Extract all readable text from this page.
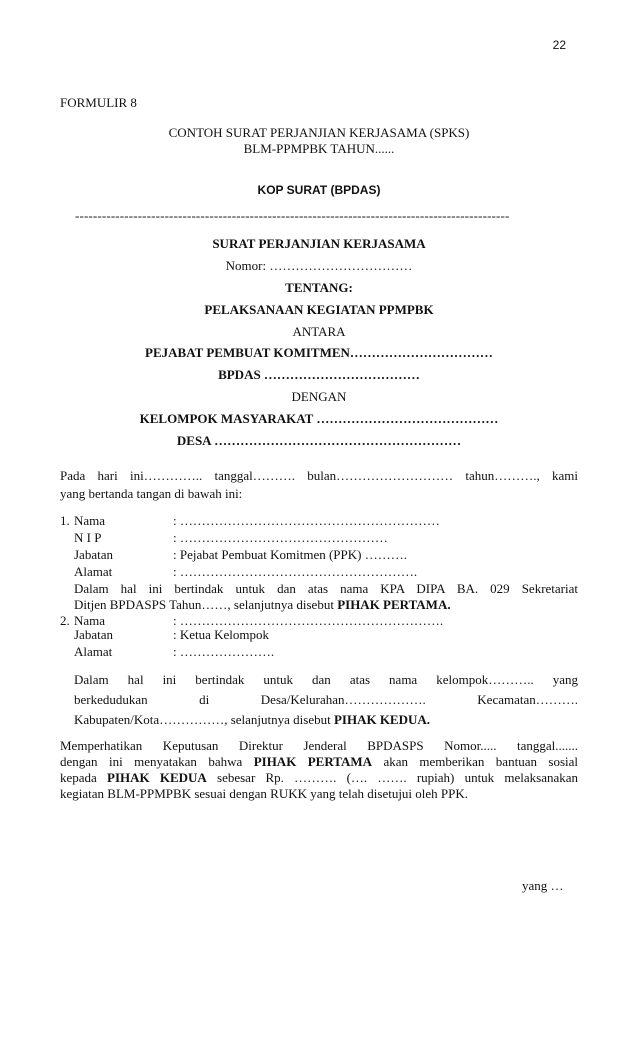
22
FORMULIR 8
CONTOH SURAT PERJANJIAN KERJASAMA (SPKS)
BLM-PPMPBK TAHUN......
KOP SURAT (BPDAS)
-------------------------------------------------------------------------------------------------
SURAT PERJANJIAN KERJASAMA
Nomor: ……………………………
TENTANG:
PELAKSANAAN KEGIATAN PPMPBK
ANTARA
PEJABAT PEMBUAT KOMITMEN……………………………
BPDAS ………………………………
DENGAN
KELOMPOK MASYARAKAT ……………………………………
DESA …………………………………………………
Pada hari ini………….. tanggal………. bulan……………………… tahun………., kami
yang bertanda tangan di bawah ini:
1. Nama	: ……………………………………………………
N I P	: …………………………………………
Jabatan	: Pejabat Pembuat Komitmen (PPK) ……….
Alamat	: ……………………………………………….
Dalam hal ini bertindak untuk dan atas nama KPA DIPA BA. 029 Sekretariat
Ditjen BPDASPS Tahun……, selanjutnya disebut PIHAK PERTAMA.
2. Nama	: …………………………………………………….
Jabatan	: Ketua Kelompok
Alamat	: ………………….
Dalam hal ini bertindak untuk dan atas nama kelompok……….. yang
berkedudukan di Desa/Kelurahan………………. Kecamatan……….
Kabupaten/Kota……………, selanjutnya disebut PIHAK KEDUA.
Memperhatikan Keputusan Direktur Jenderal BPDASPS Nomor..... tanggal.......
dengan ini menyatakan bahwa PIHAK PERTAMA akan memberikan bantuan sosial
kepada PIHAK KEDUA sebesar Rp. ………. (…. ……. rupiah) untuk melaksanakan
kegiatan BLM-PPMPBK sesuai dengan RUKK yang telah disetujui oleh PPK.
yang …
